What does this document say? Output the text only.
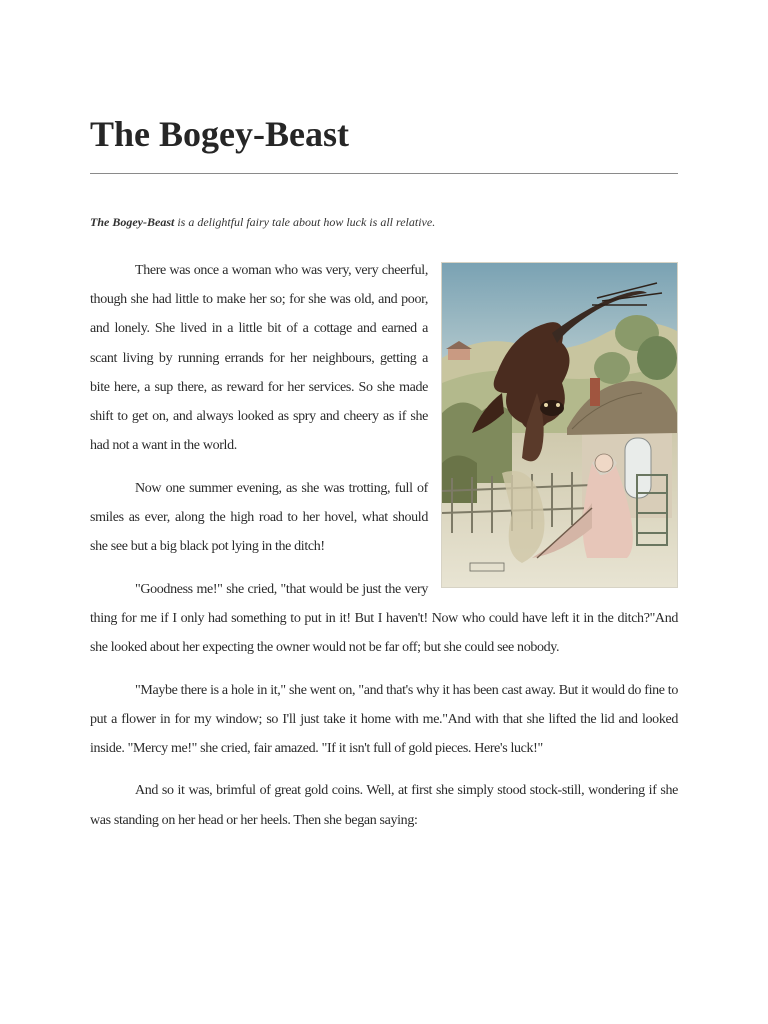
The Bogey-Beast

The Bogey-Beast is a delightful fairy tale about how luck is all relative.

There was once a woman who was very, very cheerful, though she had little to make her so; for she was old, and poor, and lonely. She lived in a little bit of a cottage and earned a scant living by running errands for her neighbours, getting a bite here, a sup there, as reward for her services. So she made shift to get on, and always looked as spry and cheery as if she had not a want in the world.

Now one summer evening, as she was trotting, full of smiles as ever, along the high road to her hovel, what should she see but a big black pot lying in the ditch!

"Goodness me!" she cried, "that would be just the very thing for me if I only had something to put in it! But I haven't! Now who could have left it in the ditch?"And she looked about her expecting the owner would not be far off; but she could see nobody.

"Maybe there is a hole in it," she went on, "and that's why it has been cast away. But it would do fine to put a flower in for my window; so I'll just take it home with me."And with that she lifted the lid and looked inside. "Mercy me!" she cried, fair amazed. "If it isn't full of gold pieces. Here's luck!"

And so it was, brimful of great gold coins. Well, at first she simply stood stock-still, wondering if she was standing on her head or her heels. Then she began saying:
